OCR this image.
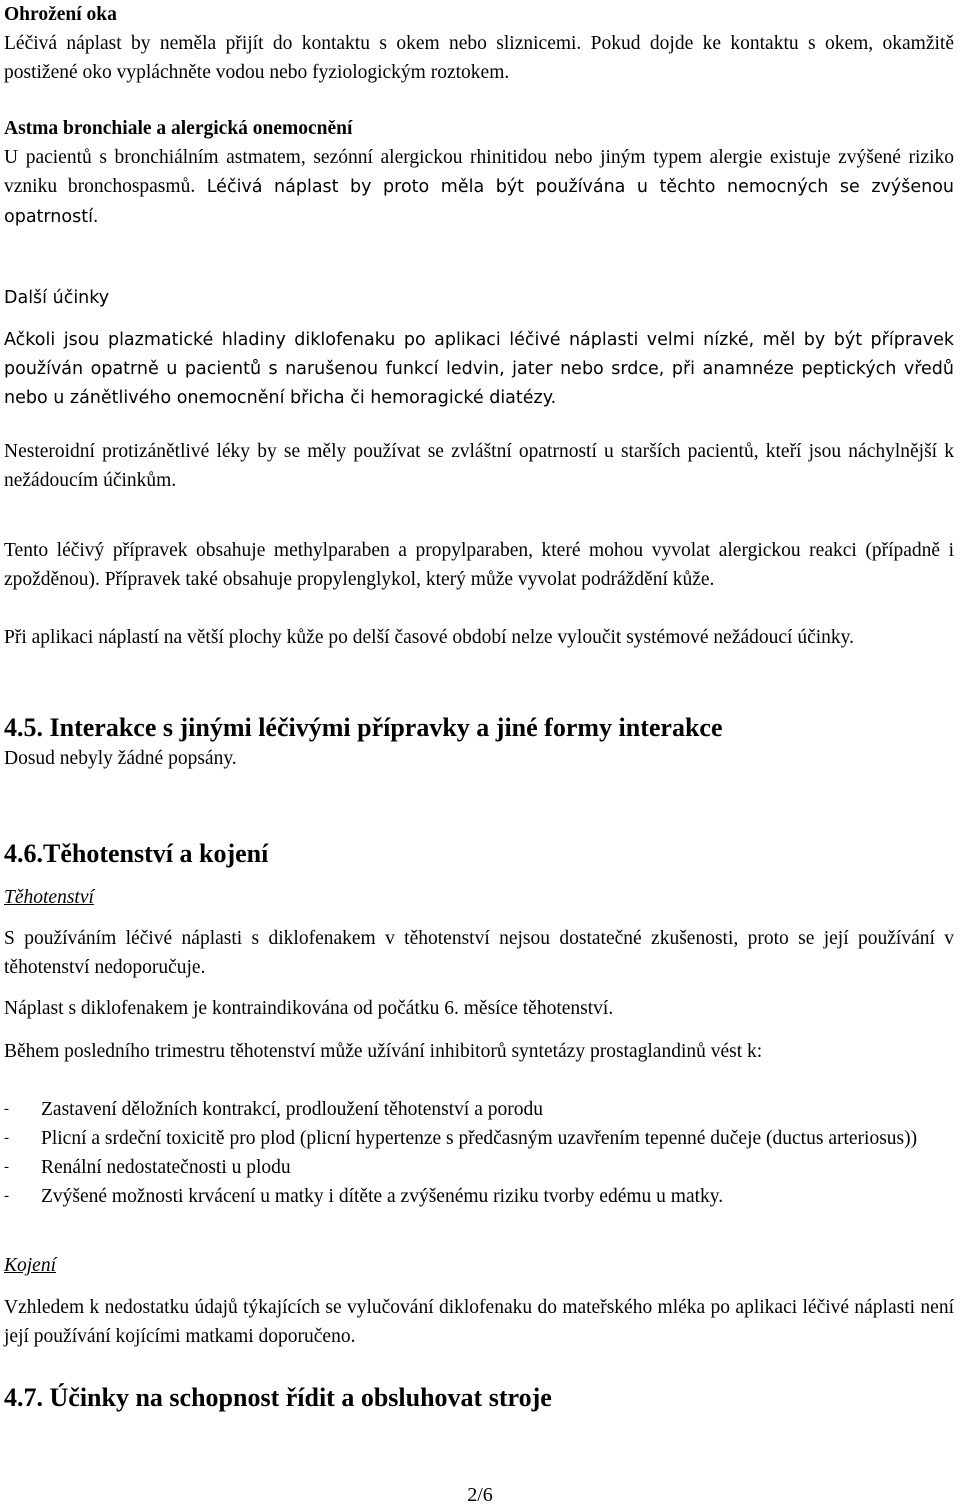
Ohrožení oka

Léčivá náplast by neměla přijít do kontaktu s okem nebo sliznicemi. Pokud dojde ke kontaktu s okem, okamžitě postižené oko vypláchněte vodou nebo fyziologickým roztokem.

Astma bronchiale a alergická onemocnění

U pacientů s bronchiálním astmatem, sezónní alergickou rhinitidou nebo jiným typem alergie existuje zvýšené riziko vzniku bronchospasmů. Léčivá náplast by proto měla být používána u těchto nemocných se zvýšenou opatrností.
Další účinky
Ačkoli jsou plazmatické hladiny diklofenaku po aplikaci léčivé náplasti velmi nízké, měl by být přípravek používán opatrně u pacientů s narušenou funkcí ledvin, jater nebo srdce, při anamnéze peptických vředů nebo u zánětlivého onemocnění břicha či hemoragické diatézy.
Nesteroidní protizánětlivé léky by se měly používat se zvláštní opatrností u starších pacientů, kteří jsou náchylnější k nežádoucím účinkům.
Tento léčivý přípravek obsahuje methylparaben a propylparaben, které mohou vyvolat alergickou reakci (případně i zpožděnou). Přípravek také obsahuje propylenglykol, který může vyvolat podráždění kůže.
Při aplikaci náplastí na větší plochy kůže po delší časové období nelze vyloučit systémové nežádoucí účinky.

4.5. Interakce s jinými léčivými přípravky a jiné formy interakce

Dosud nebyly žádné popsány.

4.6.Těhotenství a kojení

Těhotenství
S používáním léčivé náplasti s diklofenakem v těhotenství nejsou dostatečné zkušenosti, proto se její používání v těhotenství nedoporučuje.
Náplast s diklofenakem je kontraindikována od počátku 6. měsíce těhotenství.
Během posledního trimestru těhotenství může užívání inhibitorů syntetázy prostaglandinů vést k:
- Zastavení děložních kontrakcí, prodloužení těhotenství a porodu
- Plicní a srdeční toxicitě pro plod (plicní hypertenze s předčasným uzavřením tepenné dučeje (ductus arteriosus))
- Renální nedostatečnosti u plodu
- Zvýšené možnosti krvácení u matky i dítěte a zvýšenému riziku tvorby edému u matky.
Kojení
Vzhledem k nedostatku údajů týkajících se vylučování diklofenaku do mateřského mléka po aplikaci léčivé náplasti není její používání kojícími matkami doporučeno.

4.7. Účinky na schopnost řídit a obsluhovat stroje

2/6
